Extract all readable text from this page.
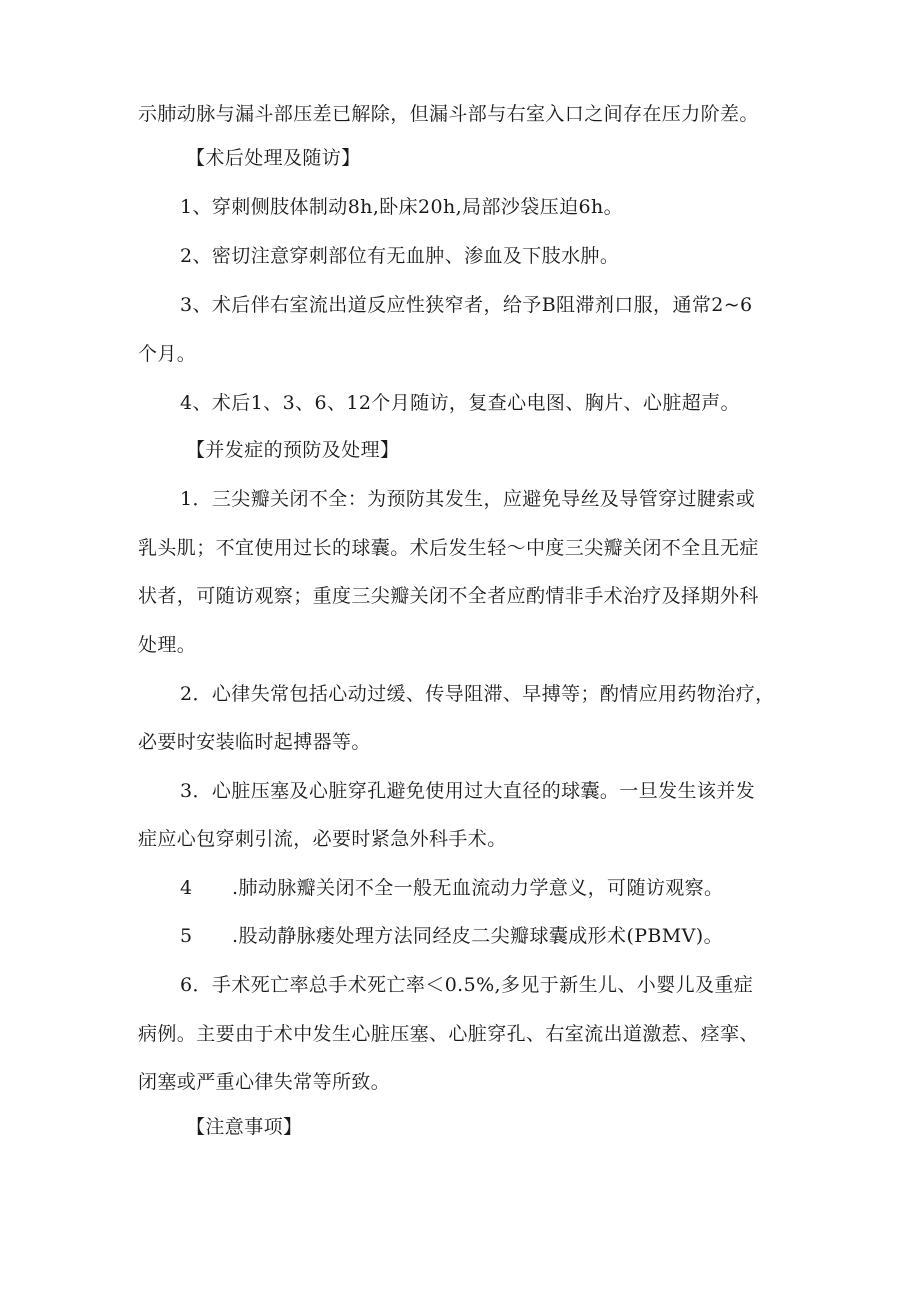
示肺动脉与漏斗部压差已解除，但漏斗部与右室入口之间存在压力阶差。
【术后处理及随访】
1、穿刺侧肢体制动8h,卧床20h,局部沙袋压迫6h。
2、密切注意穿刺部位有无血肿、渗血及下肢水肿。
3、术后伴右室流出道反应性狭窄者，给予B阻滞剂口服，通常2~6
个月。
4、术后1、3、6、12个月随访，复查心电图、胸片、心脏超声。
【并发症的预防及处理】
1．三尖瓣关闭不全：为预防其发生，应避免导丝及导管穿过腱索或
乳头肌；不宜使用过长的球囊。术后发生轻～中度三尖瓣关闭不全且无症
状者，可随访观察；重度三尖瓣关闭不全者应酌情非手术治疗及择期外科
处理。
2．心律失常包括心动过缓、传导阻滞、早搏等；酌情应用药物治疗，
必要时安装临时起搏器等。
3．心脏压塞及心脏穿孔避免使用过大直径的球囊。一旦发生该并发
症应心包穿刺引流，必要时紧急外科手术。
4 .肺动脉瓣关闭不全一般无血流动力学意义，可随访观察。
5 .股动静脉瘘处理方法同经皮二尖瓣球囊成形术(PBMV)。
6．手术死亡率总手术死亡率＜0.5%,多见于新生儿、小婴儿及重症
病例。主要由于术中发生心脏压塞、心脏穿孔、右室流出道激惹、痉挛、
闭塞或严重心律失常等所致。
【注意事项】
